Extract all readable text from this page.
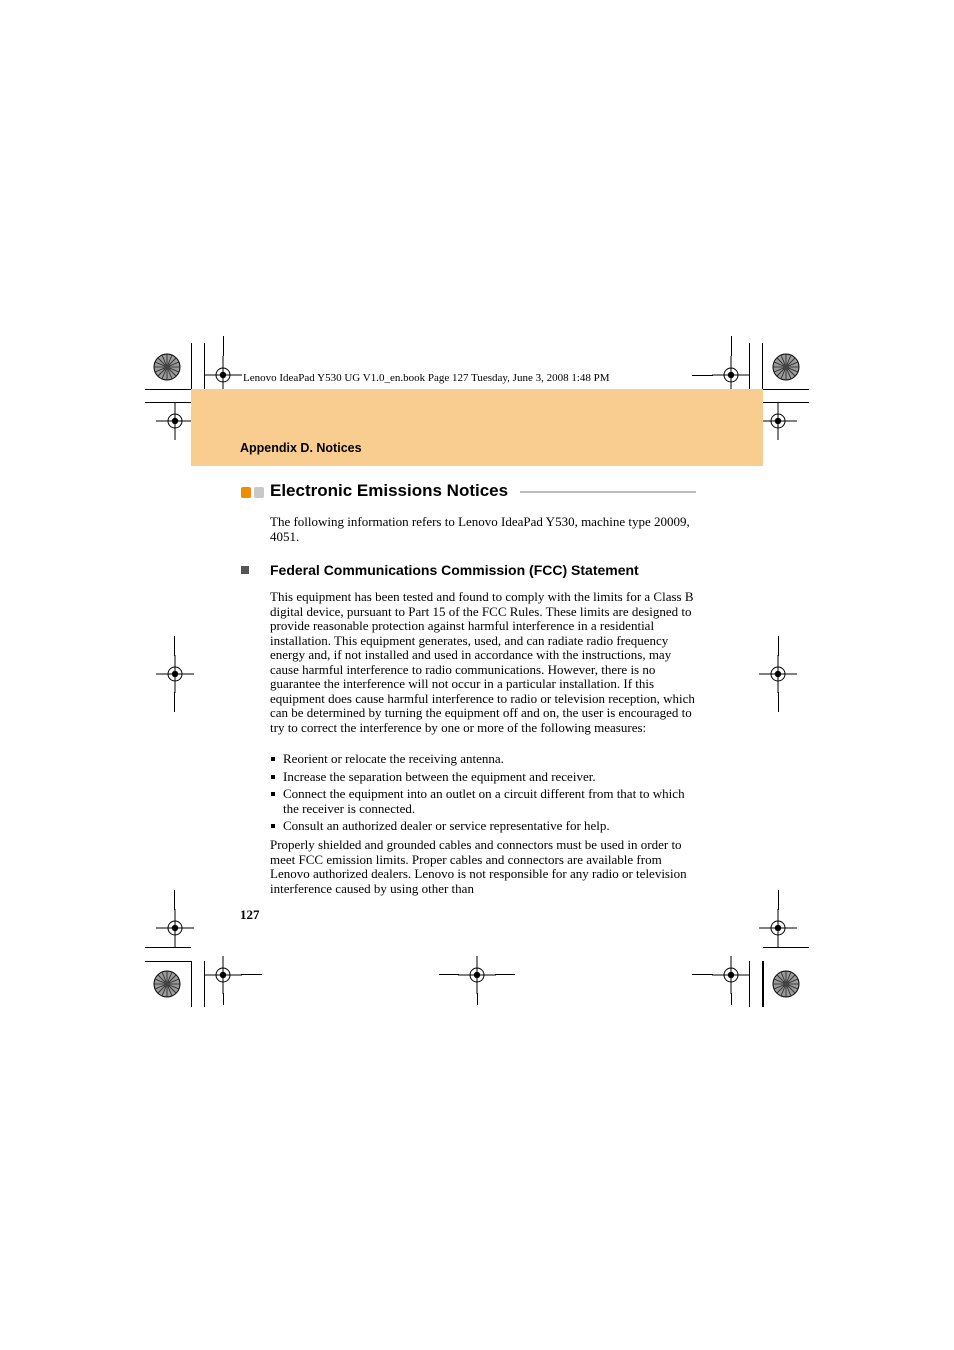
Lenovo IdeaPad Y530 UG V1.0_en.book Page 127 Tuesday, June 3, 2008 1:48 PM
Appendix D. Notices
Electronic Emissions Notices
The following information refers to Lenovo IdeaPad Y530, machine type 20009, 4051.
Federal Communications Commission (FCC) Statement
This equipment has been tested and found to comply with the limits for a Class B digital device, pursuant to Part 15 of the FCC Rules. These limits are designed to provide reasonable protection against harmful interference in a residential installation. This equipment generates, used, and can radiate radio frequency energy and, if not installed and used in accordance with the instructions, may cause harmful interference to radio communications. However, there is no guarantee the interference will not occur in a particular installation. If this equipment does cause harmful interference to radio or television reception, which can be determined by turning the equipment off and on, the user is encouraged to try to correct the interference by one or more of the following measures:
Reorient or relocate the receiving antenna.
Increase the separation between the equipment and receiver.
Connect the equipment into an outlet on a circuit different from that to which the receiver is connected.
Consult an authorized dealer or service representative for help.
Properly shielded and grounded cables and connectors must be used in order to meet FCC emission limits. Proper cables and connectors are available from Lenovo authorized dealers. Lenovo is not responsible for any radio or television interference caused by using other than
127
